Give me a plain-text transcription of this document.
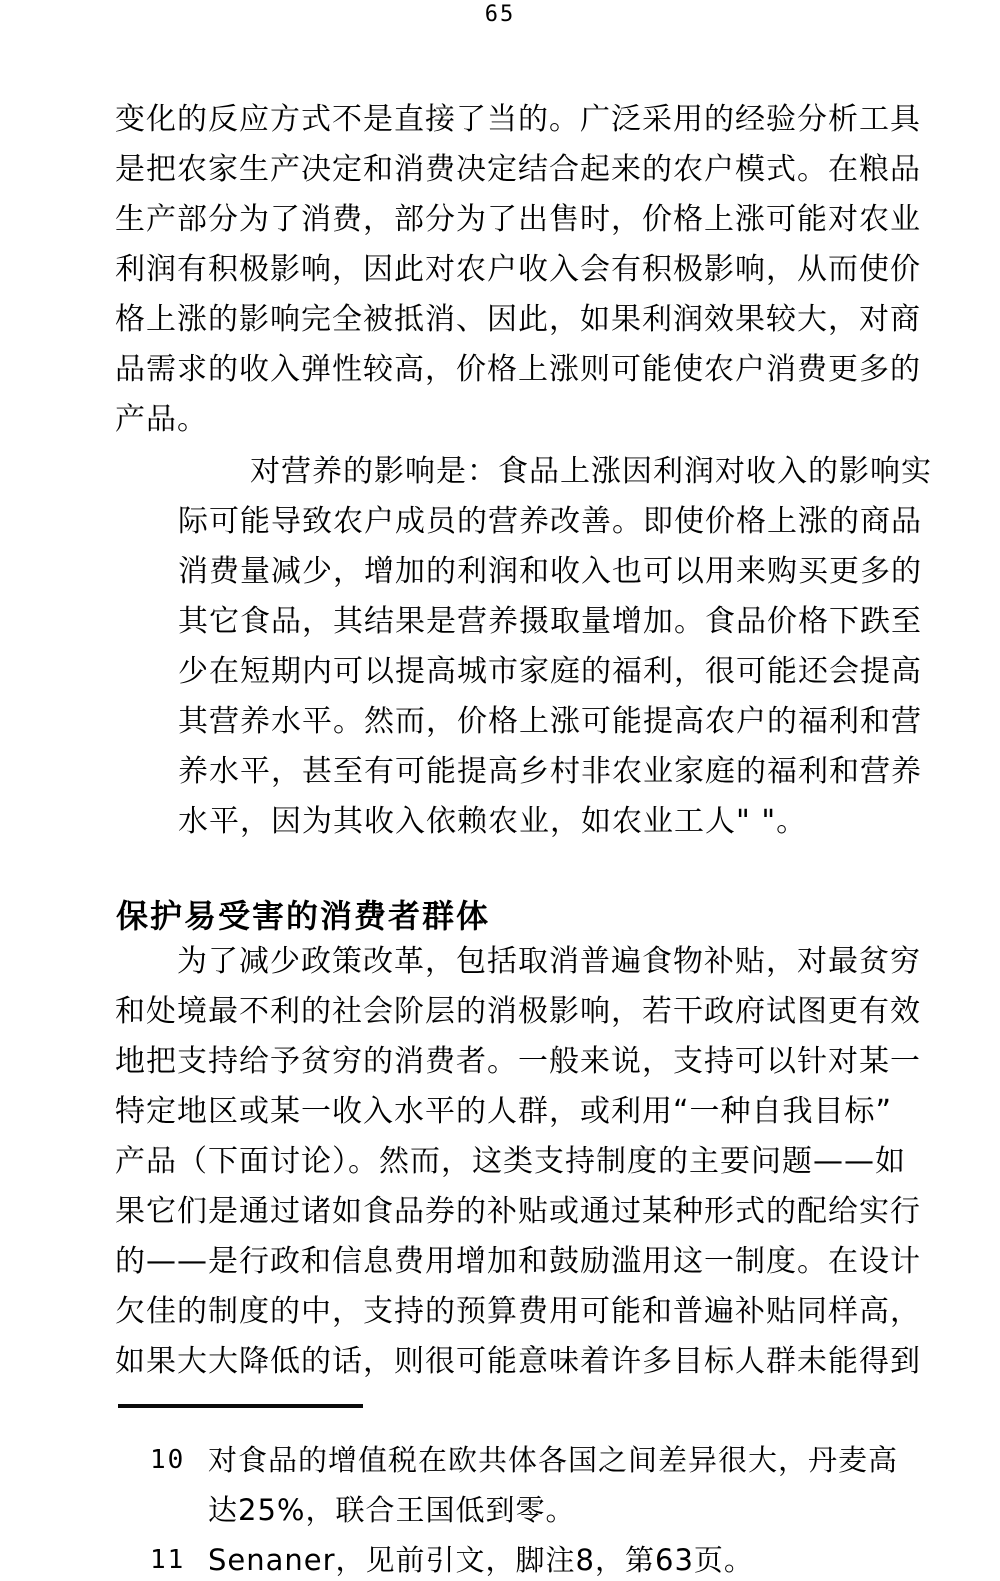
65
变化的反应方式不是直接了当的。广泛采用的经验分析工具
是把农家生产决定和消费决定结合起来的农户模式。在粮品
生产部分为了消费，部分为了出售时，价格上涨可能对农业
利润有积极影响，因此对农户收入会有积极影响，从而使价
格上涨的影响完全被抵消、因此，如果利润效果较大，对商
品需求的收入弹性较高，价格上涨则可能使农户消费更多的
产品。
对营养的影响是：食品上涨因利润对收入的影响实
际可能导致农户成员的营养改善。即使价格上涨的商品
消费量减少，增加的利润和收入也可以用来购买更多的
其它食品，其结果是营养摄取量增加。食品价格下跌至
少在短期内可以提高城市家庭的福利，很可能还会提高
其营养水平。然而，价格上涨可能提高农户的福利和营
养水平，甚至有可能提高乡村非农业家庭的福利和营养
水平，因为其收入依赖农业，如农业工人" "。
保护易受害的消费者群体
为了减少政策改革，包括取消普遍食物补贴，对最贫穷
和处境最不利的社会阶层的消极影响，若干政府试图更有效
地把支持给予贫穷的消费者。一般来说，支持可以针对某一
特定地区或某一收入水平的人群，或利用“一种自我目标”
产品（下面讨论）。然而，这类支持制度的主要问题——如
果它们是通过诸如食品券的补贴或通过某种形式的配给实行
的——是行政和信息费用增加和鼓励滥用这一制度。在设计
欠佳的制度的中，支持的预算费用可能和普遍补贴同样高，
如果大大降低的话，则很可能意味着许多目标人群未能得到
10 对食品的增值税在欧共体各国之间差异很大，丹麦高
达25%，联合王国低到零。
11 Senaner，见前引文，脚注8，第63页。
